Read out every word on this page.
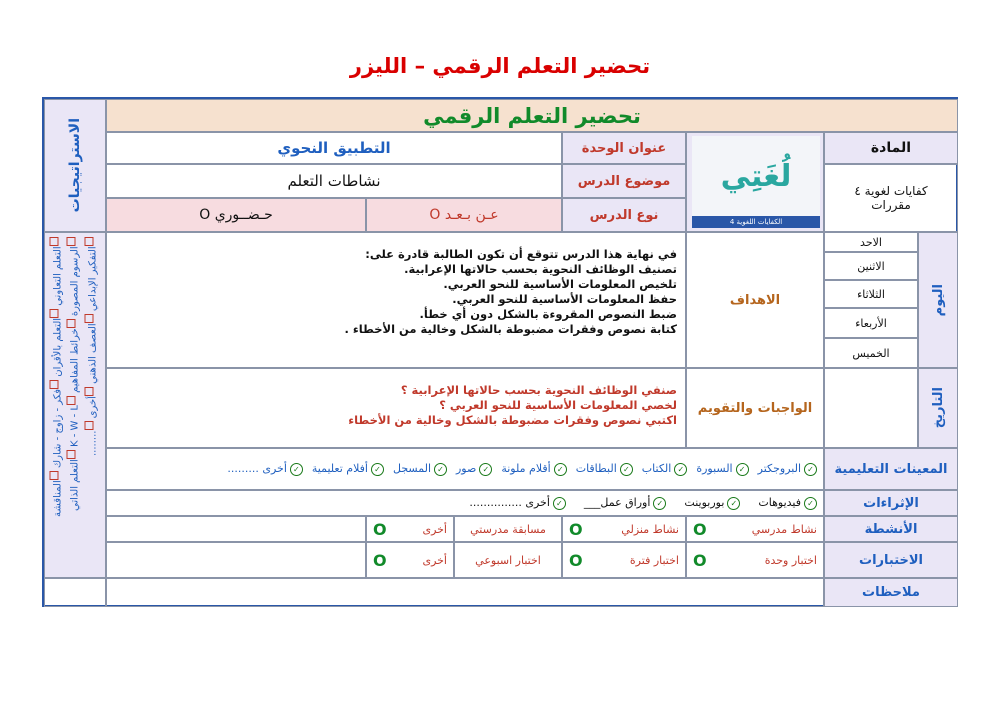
تحضير التعلم الرقمي – الليزر
الاستراتيجيات
التعلم التعاوني التعلم بالأقران فكر - زاوج - شارك المناقشة
الرسوم المصورة خرائط المفاهيم K - W - L التعلم الذاتي
التفكير الإبداعي العصف الذهني أخرى ........
تحضير التعلم الرقمي
المادة
لُغَتِي
الكفايات اللغوية 4
عنوان الوحدة
التطبيق النحوي
كفايات لغوية ٤ مقررات
موضوع الدرس
نشاطات التعلم
نوع الدرس
عـن بـعـد O
حـضــوري O
اليوم
الاحد
الاثنين
الثلاثاء
الأربعاء
الخميس
التاريخ
الاهداف
في نهاية هذا الدرس تتوقع أن تكون الطالبة قادرة على:
تصنيف الوظائف النحوية بحسب حالاتها الإعرابية.
تلخيص المعلومات الأساسية للنحو العربي.
حفظ المعلومات الأساسية للنحو العربي.
ضبط النصوص المقروءة بالشكل دون أي خطأ.
كتابة نصوص وفقرات مضبوطة بالشكل وخالية من الأخطاء .
الواجبات والتقويم
صنفي الوظائف النحوية بحسب حالاتها الإعرابية ؟
لخصي المعلومات الأساسية للنحو العربي ؟
اكتبي نصوص وفقرات مضبوطة بالشكل وخالية من الأخطاء
المعينات التعليمية
✓البروجكتر
✓السبورة
✓الكتاب
✓البطاقات
✓أقلام ملونة
✓صور
✓المسجل
✓أفلام تعليمية
✓أخرى .........
الإثراءات
✓فيديوهات
✓بوربوينت
✓أوراق عمل___
✓أخرى ...............
الأنشطة
نشاط مدرسي
O
نشاط منزلي
O
مسابقة مدرستي
أخرى
O
الاختبارات
اختبار وحدة
O
اختبار فترة
O
اختبار اسبوعي
أخرى
O
ملاحظات
